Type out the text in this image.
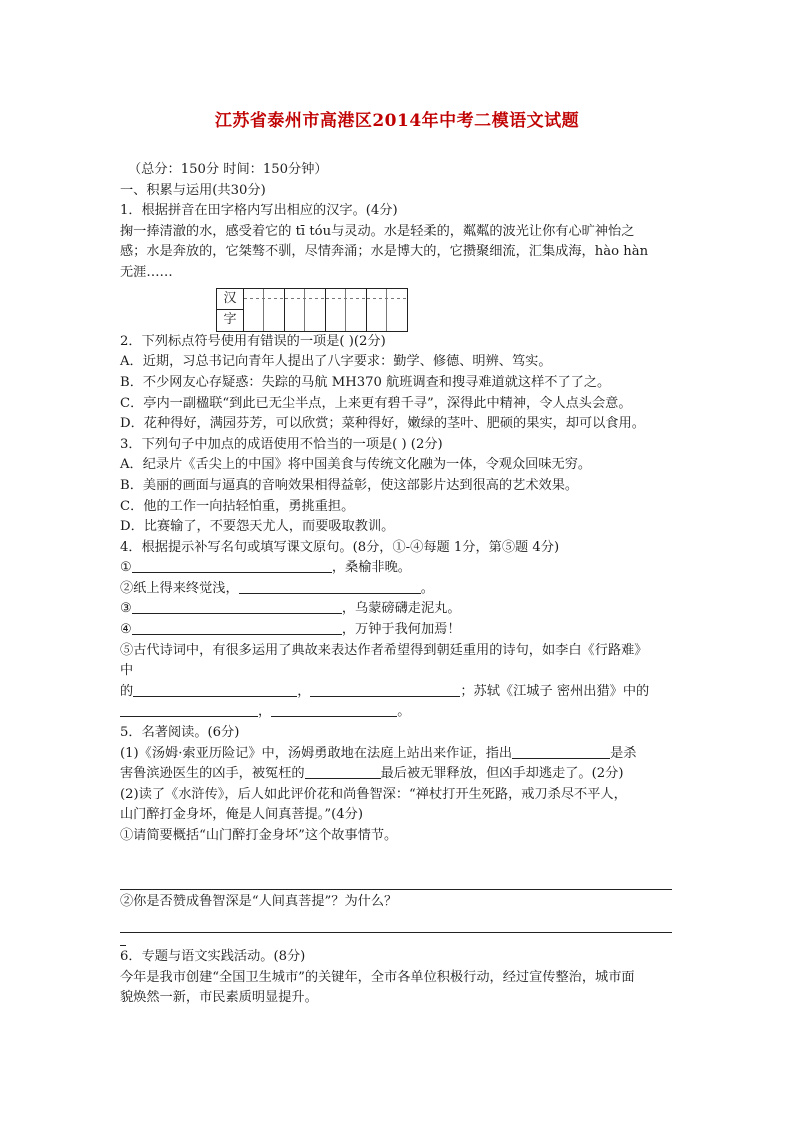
江苏省泰州市高港区2014年中考二模语文试题
（总分：150分 时间：150分钟）
一、积累与运用(共30分)
1．根据拼音在田字格内写出相应的汉字。(4分)
掬一捧清澈的水，感受着它的 tī tóu与灵动。水是轻柔的，粼粼的波光让你有心旷神怡之
感；水是奔放的，它桀骜不驯，尽情奔涌；水是博大的，它攒聚细流，汇集成海，hào hàn
无涯……
汉				
字
2．下列标点符号使用有错误的一项是( )(2分)
A．近期，习总书记向青年人提出了八字要求：勤学、修德、明辨、笃实。
B．不少网友心存疑惑：失踪的马航 MH370 航班调查和搜寻难道就这样不了了之。
C．亭内一副楹联“到此已无尘半点，上来更有碧千寻”，深得此中精神，令人点头会意。
D．花种得好，满园芬芳，可以欣赏；菜种得好，嫩绿的茎叶、肥硕的果实，却可以食用。
3．下列句子中加点的成语使用不恰当的一项是( ) (2分)
A．纪录片《舌尖上的中国》将中国美食与传统文化融为一体，令观众回味无穷。
B．美丽的画面与逼真的音响效果相得益彰，使这部影片达到很高的艺术效果。
C．他的工作一向拈轻怕重，勇挑重担。
D．比赛输了，不要怨天尤人，而要吸取教训。
4．根据提示补写名句或填写课文原句。(8分，①-④每题 1分，第⑤题 4分)
①	，桑榆非晚。
②纸上得来终觉浅，	。
③	，乌蒙磅礴走泥丸。
④	，万钟于我何加焉！
⑤古代诗词中，有很多运用了典故来表达作者希望得到朝廷重用的诗句，如李白《行路难》
中
的	，	；苏轼《江城子 密州出猎》中的
，	。
5．名著阅读。(6分)
(1)《汤姆·索亚历险记》中，汤姆勇敢地在法庭上站出来作证，指出	是杀
害鲁滨逊医生的凶手，被冤枉的	最后被无罪释放，但凶手却逃走了。(2分)
(2)读了《水浒传》，后人如此评价花和尚鲁智深：“禅杖打开生死路，戒刀杀尽不平人，
山门醉打金身坏，俺是人间真菩提。”(4分)
①请简要概括“山门醉打金身坏”这个故事情节。
②你是否赞成鲁智深是“人间真菩提”？为什么？
6．专题与语文实践活动。(8分)
今年是我市创建“全国卫生城市”的关键年，全市各单位积极行动，经过宣传整治，城市面
貌焕然一新，市民素质明显提升。
